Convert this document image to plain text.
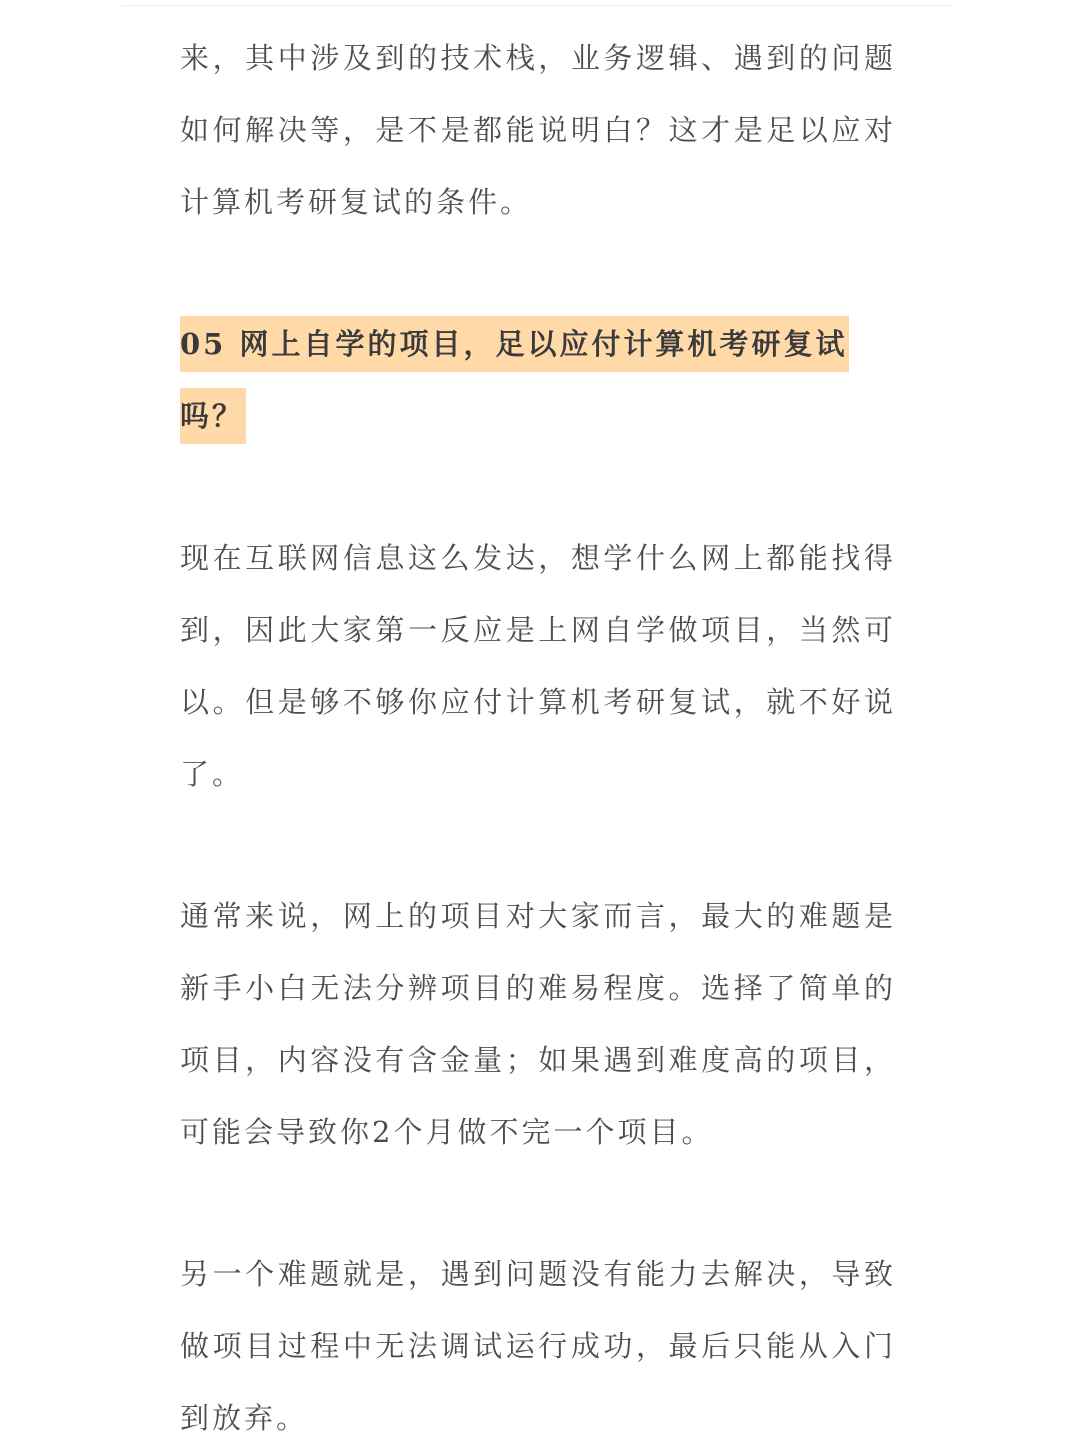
来，其中涉及到的技术栈，业务逻辑、遇到的问题
如何解决等，是不是都能说明白？这才是足以应对
计算机考研复试的条件。

05 网上自学的项目，足以应付计算机考研复试
吗？

现在互联网信息这么发达，想学什么网上都能找得
到，因此大家第一反应是上网自学做项目，当然可
以。但是够不够你应付计算机考研复试，就不好说
了。

通常来说，网上的项目对大家而言，最大的难题是
新手小白无法分辨项目的难易程度。选择了简单的
项目，内容没有含金量；如果遇到难度高的项目，
可能会导致你2个月做不完一个项目。

另一个难题就是，遇到问题没有能力去解决，导致
做项目过程中无法调试运行成功，最后只能从入门
到放弃。
